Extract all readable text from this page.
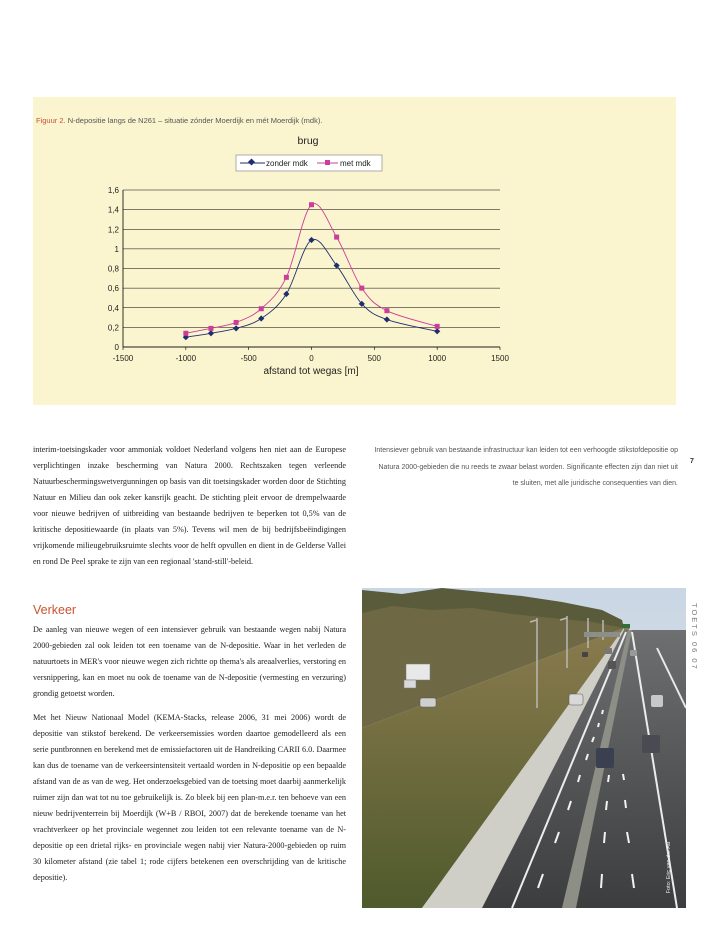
Figuur 2. N-depositie langs de N261 – situatie zónder Moerdijk en mét Moerdijk (mdk).
brug
zonder mdk	met mdk
0
0,2
0,4
0,6
0,8
1
1,2
1,4
1,6
-1500	-1000	-500	0	500	1000	1500
afstand tot wegas [m]

interim-toetsingskader voor ammoniak voldoet Nederland volgens hen niet aan de Europese verplichtingen inzake bescherming van Natura 2000. Rechtszaken tegen verleende Natuurbeschermingswetvergunningen op basis van dit toetsingskader worden door de Stichting Natuur en Milieu dan ook zeker kansrijk geacht. De stichting pleit ervoor de drempelwaarde voor nieuwe bedrijven of uitbreiding van bestaande bedrijven te beperken tot 0,5% van de kritische depositiewaarde (in plaats van 5%). Tevens wil men de bij bedrijfsbeëindigingen vrijkomende milieugebruiksruimte slechts voor de helft opvullen en dient in de Gelderse Vallei en rond De Peel sprake te zijn van een regionaal 'stand-still'-beleid.

Verkeer

De aanleg van nieuwe wegen of een intensiever gebruik van bestaande wegen nabij Natura 2000-gebieden zal ook leiden tot een toename van de N-depositie. Waar in het verleden de natuurtoets in MER's voor nieuwe wegen zich richtte op thema's als areaalverlies, verstoring en versnippering, kan en moet nu ook de toename van de N-depositie (vermesting en verzuring) grondig getoetst worden.

Met het Nieuw Nationaal Model (KEMA-Stacks, release 2006, 31 mei 2006) wordt de depositie van stikstof berekend. De verkeersemissies worden daartoe gemodelleerd als een serie puntbronnen en berekend met de emissiefactoren uit de Handreiking CARII 6.0. Daarmee kan dus de toename van de verkeersintensiteit vertaald worden in N-depositie op een bepaalde afstand van de as van de weg. Het onderzoeksgebied van de toetsing moet daarbij aanmerkelijk ruimer zijn dan wat tot nu toe gebruikelijk is. Zo bleek bij een plan-m.e.r. ten behoeve van een nieuw bedrijventerrein bij Moerdijk (W+B / RBOI, 2007) dat de berekende toename van het vrachtverkeer op het provinciale wegennet zou leiden tot een relevante toename van de N-depositie op een drietal rijks- en provinciale wegen nabij vier Natura-2000-gebieden op ruim 30 kilometer afstand (zie tabel 1; rode cijfers betekenen een overschrijding van de kritische depositie).

Intensiever gebruik van bestaande infrastructuur kan leiden tot een verhoogde stikstofdepositie op Natura 2000-gebieden die nu reeds te zwaar belast worden. Significante effecten zijn dan niet uit te sluiten, met alle juridische consequenties van dien.

7
TOETS 06 07
Foto: Eric van der Aa
